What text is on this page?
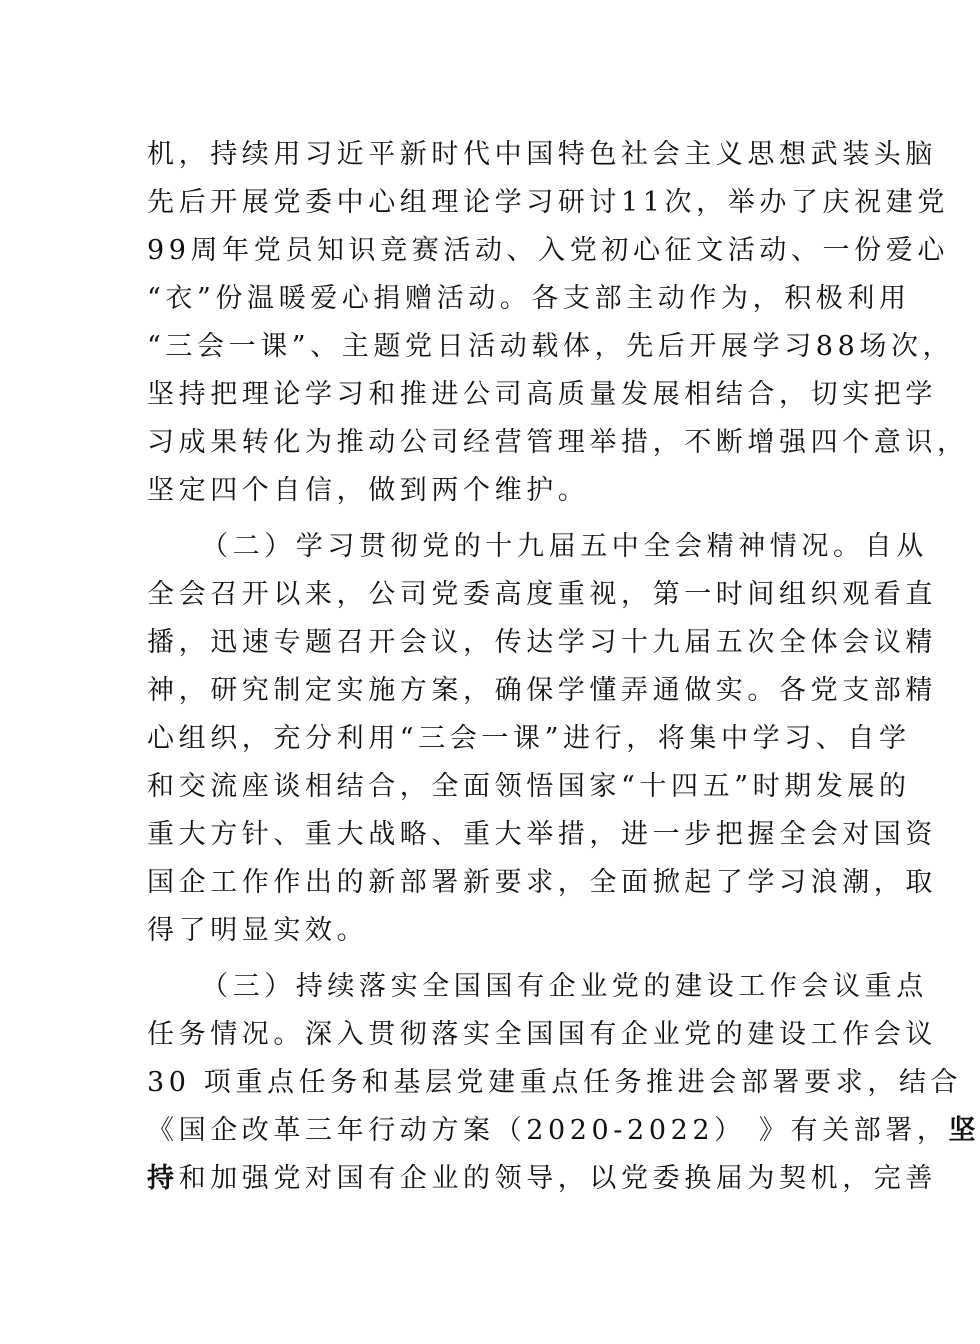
机，持续用习近平新时代中国特色社会主义思想武装头脑
先后开展党委中心组理论学习研讨11次，举办了庆祝建党
99周年党员知识竞赛活动、入党初心征文活动、一份爱心
“衣”份温暖爱心捐赠活动。各支部主动作为，积极利用
“三会一课”、主题党日活动载体，先后开展学习88场次，
坚持把理论学习和推进公司高质量发展相结合，切实把学
习成果转化为推动公司经营管理举措，不断增强四个意识，
坚定四个自信，做到两个维护。
（二）学习贯彻党的十九届五中全会精神情况。自从
全会召开以来，公司党委高度重视，第一时间组织观看直
播，迅速专题召开会议，传达学习十九届五次全体会议精
神，研究制定实施方案，确保学懂弄通做实。各党支部精
心组织，充分利用“三会一课”进行，将集中学习、自学
和交流座谈相结合，全面领悟国家“十四五”时期发展的
重大方针、重大战略、重大举措，进一步把握全会对国资
国企工作作出的新部署新要求，全面掀起了学习浪潮，取
得了明显实效。
（三）持续落实全国国有企业党的建设工作会议重点
任务情况。深入贯彻落实全国国有企业党的建设工作会议
30 项重点任务和基层党建重点任务推进会部署要求，结合
《国企改革三年行动方案（2020-2022） 》有关部署，坚
持和加强党对国有企业的领导，以党委换届为契机，完善
